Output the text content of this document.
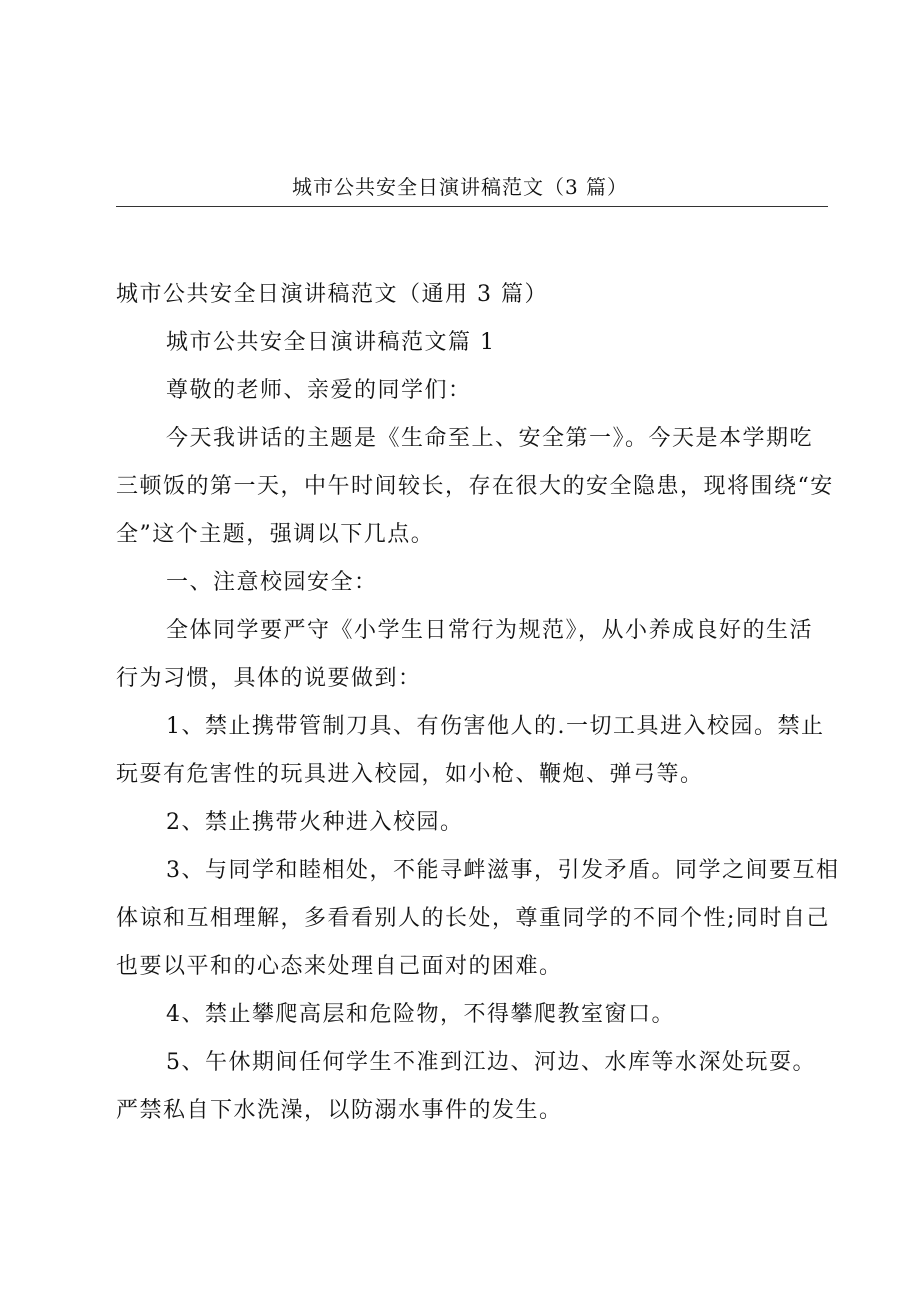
城市公共安全日演讲稿范文（3 篇）
城市公共安全日演讲稿范文（通用 3 篇）
城市公共安全日演讲稿范文篇 1
尊敬的老师、亲爱的同学们：
今天我讲话的主题是《生命至上、安全第一》。今天是本学期吃
三顿饭的第一天，中午时间较长，存在很大的安全隐患，现将围绕“安
全”这个主题，强调以下几点。
一、注意校园安全：
全体同学要严守《小学生日常行为规范》，从小养成良好的生活
行为习惯，具体的说要做到：
1、禁止携带管制刀具、有伤害他人的.一切工具进入校园。禁止
玩耍有危害性的玩具进入校园，如小枪、鞭炮、弹弓等。
2、禁止携带火种进入校园。
3、与同学和睦相处，不能寻衅滋事，引发矛盾。同学之间要互相
体谅和互相理解，多看看别人的长处，尊重同学的不同个性;同时自己
也要以平和的心态来处理自己面对的困难。
4、禁止攀爬高层和危险物，不得攀爬教室窗口。
5、午休期间任何学生不准到江边、河边、水库等水深处玩耍。
严禁私自下水洗澡，以防溺水事件的发生。
